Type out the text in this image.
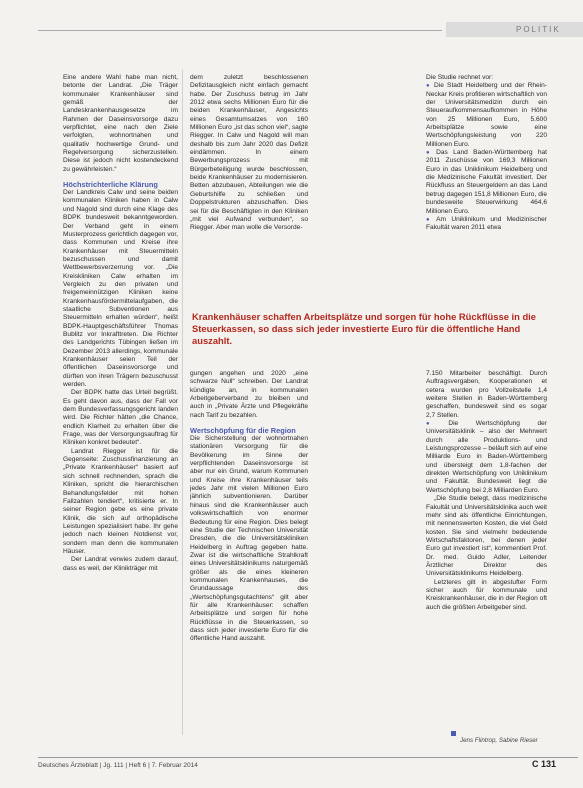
POLITIK

Eine andere Wahl habe man nicht, betonte der Landrat. „Die Träger kommunaler Krankenhäuser sind gemäß der Landeskrankenhausgesetze im Rahmen der Daseinsvorsorge dazu verpflichtet, eine nach den Ziele verfolgten, wohnortnahen und qualitativ hochwertige Grund- und Regelversorgung sicherzustellen. Diese ist jedoch nicht kostendeckend zu gewährleisten.“

Höchstrichterliche Klärung

Der Landkreis Calw und seine beiden kommunalen Kliniken haben in Calw und Nagold sind durch eine Klage des BDPK bundesweit bekanntgeworden. Der Verband geht in einem Musterprozess gerichtlich dagegen vor, dass Kommunen und Kreise ihre Krankenhäuser mit Steuermitteln bezuschussen und damit Wettbewerbsverzerrung vor. „Die Kreiskliniken Calw erhalten im Vergleich zu den privaten und freigemeinnützigen Kliniken keine Krankenhausfördermittelaufgaben, die staatliche Subventionen aus Steuermitteln erhalten würden“, heißt BDPK-Hauptgeschäftsführer Thomas Bublitz vor Inkrafttreten. Die Richter des Landgerichts Tübingen ließen im Dezember 2013 allerdings, kommunale Krankenhäuser seien Teil der öffentlichen Daseinsvorsorge und dürften von ihren Trägern bezuschusst werden.

Der BDPK hatte das Urteil begrüßt. Es geht davon aus, dass der Fall vor dem Bundesverfassungsgericht landen wird. Die Richter hätten „die Chance, endlich Klarheit zu erhalten über die Frage, was der Versorgungsauftrag für Kliniken konkret bedeutet“.

Landrat Riegger ist für die Gegenseite: Zuschussfinanzierung an „Private Krankenhäuser“ basiert auf sich schnell rechnenden, sprach die Kliniken, spricht die hierarchischen Behandlungsfelder mit hohen Fallzahlen tendiert“, kritisierte er. In seiner Region gebe es eine private Klinik, die sich auf orthopädische Leistungen spezialisiert habe. Ihr gehe jedoch nach kleinen Notdienst vor, sondern man denn die kommunalen Häuser.

Der Landrat verwies zudem darauf, dass es weil, der Klinikträger mit

dem zuletzt beschlossenen Defizitausgleich nicht einfach gemacht habe. Der Zuschuss betrug im Jahr 2012 etwa sechs Millionen Euro für die beiden Krankenhäuser, Angesichts eines Gesamtumsatzes von 160 Millionen Euro „ist das schon viel“, sagte Riegger. In Calw und Nagold will man deshalb bis zum Jahr 2020 das Defizit eindämmen. In einem Bewerbungsprozess mit Bürgerbeteiligung wurde beschlossen, beide Krankenhäuser zu modernisieren. Betten abzubauen, Abteilungen wie die Geburtshilfe zu schließen und Doppelstrukturen abzuschaffen. Dies sei für die Beschäftigten in den Kliniken „mit viel Aufwand verbunden“, so Riegger. Aber man wolle die Versorde-

Die Studie rechnet vor:

● Die Stadt Heidelberg und der Rhein-Neckar Kreis profitieren wirtschaftlich von der Universitätsmedizin durch ein Steueraufkommensaufkommen in Höhe von 25 Millionen Euro, 5.600 Arbeitsplätze sowie eine Wertschöpfungsleistung von 220 Millionen Euro.

● Das Land Baden-Württemberg hat 2011 Zuschüsse von 169,3 Millionen Euro in das Uniklinikum Heidelberg und die Medizinische Fakultät investiert. Der Rückfluss an Steuergeldern an das Land betrug dagegen 151,8 Millionen Euro, die bundesweite Steuerwirkung 464,6 Millionen Euro.

● Am Uniklinikum und Medizinischer Fakultät waren 2011 etwa

Krankenhäuser schaffen Arbeitsplätze und sorgen für hohe Rückflüsse in die Steuerkassen, so dass sich jeder investierte Euro für die öffentliche Hand auszahlt.

gungen angehen und 2020 „eine schwarze Null“ schreiben. Der Landrat kündigte an, in kommunalen Arbeitgeberverband zu bleiben und auch in „Private Ärzte und Pflegekräfte nach Tarif zu bezahlen.

Wertschöpfung für die Region

Die Sicherstellung der wohnortnahen stationären Versorgung für die Bevölkerung im Sinne der verpflichtenden Daseinsvorsorge ist aber nur ein Grund, warum Kommunen und Kreise ihre Krankenhäuser teils jedes Jahr mit vielen Millionen Euro jährlich subventionieren. Darüber hinaus sind die Krankenhäuser auch volkswirtschaftlich von enormer Bedeutung für eine Region. Dies belegt eine Studie der Technischen Universität Dresden, die die Universitätskliniken Heidelberg in Auftrag gegeben hatte. Zwar ist die wirtschaftliche Strahlkraft eines Universitätsklinikums naturgemäß größer als die eines kleineren kommunalen Krankenhauses, die Grundaussage des „Wertschöpfungsgutachtens“ gilt aber für alle Krankenhäuser: schaffen Arbeitsplätze und sorgen für hohe Rückflüsse in die Steuerkassen, so dass sich jeder investierte Euro für die öffentliche Hand auszahlt.

7.150 Mitarbeiter beschäftigt. Durch Auftragsvergaben, Kooperationen et cetera wurden pro Vollzeitstelle 1,4 weitere Stellen in Baden-Württemberg geschaffen, bundesweit sind es sogar 2,7 Stellen.

● Die Wertschöpfung der Universitätsklinik – also der Mehrwert durch alle Produktions- und Leistungsprozesse – beläuft sich auf eine Milliarde Euro in Baden-Württemberg und übersteigt dem 1,8-fachen der direkten Wertschöpfung von Uniklinikum und Fakultät. Bundesweit liegt die Wertschöpfung bei 2,8 Milliarden Euro.

„Die Studie belegt, dass medizinische Fakultät und Universitätsklinika auch weit mehr sind als öffentliche Einrichtungen, mit nennenswerten Kosten, die viel Geld kosten. Sie sind vielmehr bedeutende Wirtschaftsfaktoren, bei denen jeder Euro gut investiert ist“, kommentiert Prof. Dr. med. Guido Adler, Leitender Ärztlicher Direktor des Universitätsklinikums Heidelberg.

Letzteres gilt in abgestufter Form sicher auch für kommunale und Kreiskrankenhäuser, die in der Region oft auch die größten Arbeitgeber sind.

Jens Flintrop, Sabine Rieser
Deutsches Ärzteblatt | Jg. 111 | Heft 6 | 7. Februar 2014	C 131
